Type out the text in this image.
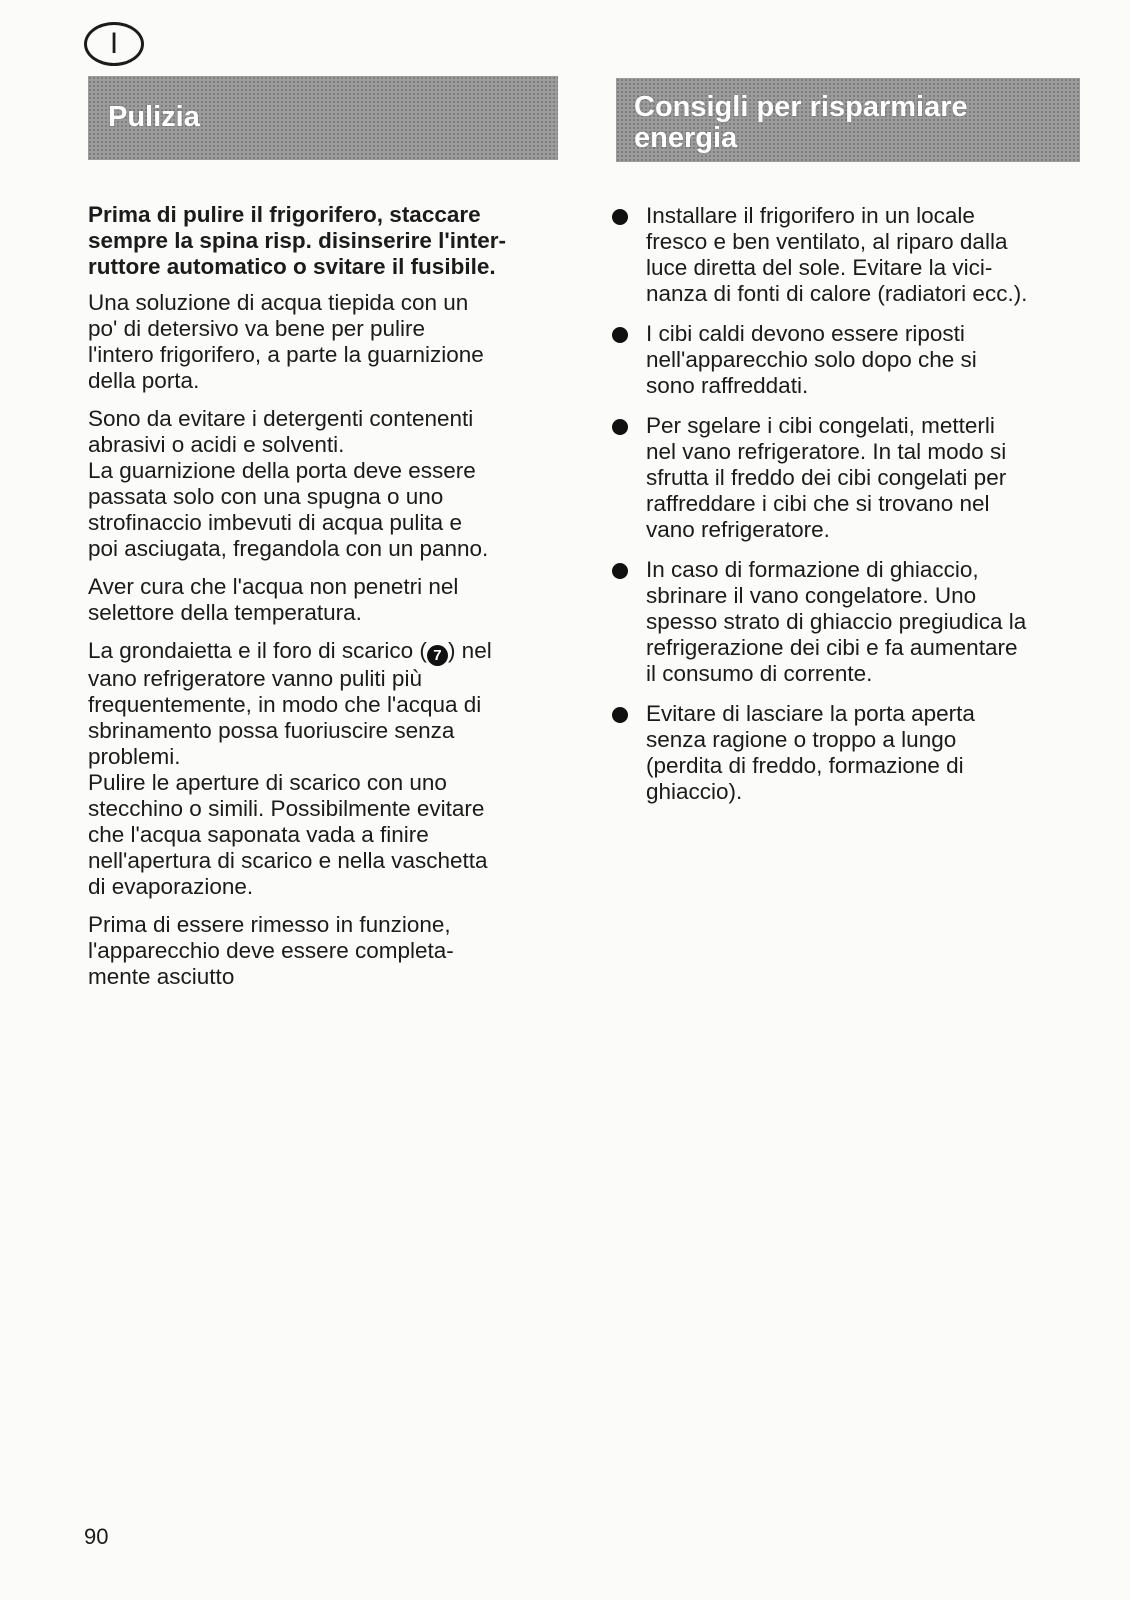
I
Pulizia	Consigli per risparmiare
energia

Prima di pulire il frigorifero, staccare
sempre la spina risp. disinserire l'inter-
ruttore automatico o svitare il fusibile.

Una soluzione di acqua tiepida con un
po' di detersivo va bene per pulire
l'intero frigorifero, a parte la guarnizione
della porta.

Sono da evitare i detergenti contenenti
abrasivi o acidi e solventi.
La guarnizione della porta deve essere
passata solo con una spugna o uno
strofinaccio imbevuti di acqua pulita e
poi asciugata, fregandola con un panno.

Aver cura che l'acqua non penetri nel
selettore della temperatura.

La grondaietta e il foro di scarico ( 7 ) nel
vano refrigeratore vanno puliti più
frequentemente, in modo che l'acqua di
sbrinamento possa fuoriuscire senza
problemi.
Pulire le aperture di scarico con uno
stecchino o simili. Possibilmente evitare
che l'acqua saponata vada a finire
nell'apertura di scarico e nella vaschetta
di evaporazione.

Prima di essere rimesso in funzione,
l'apparecchio deve essere completa-
mente asciutto

Installare il frigorifero in un locale
fresco e ben ventilato, al riparo dalla
luce diretta del sole. Evitare la vici-
nanza di fonti di calore (radiatori ecc.).
I cibi caldi devono essere riposti
nell'apparecchio solo dopo che si
sono raffreddati.
Per sgelare i cibi congelati, metterli
nel vano refrigeratore. In tal modo si
sfrutta il freddo dei cibi congelati per
raffreddare i cibi che si trovano nel
vano refrigeratore.
In caso di formazione di ghiaccio,
sbrinare il vano congelatore. Uno
spesso strato di ghiaccio pregiudica la
refrigerazione dei cibi e fa aumentare
il consumo di corrente.
Evitare di lasciare la porta aperta
senza ragione o troppo a lungo
(perdita di freddo, formazione di
ghiaccio).
90
